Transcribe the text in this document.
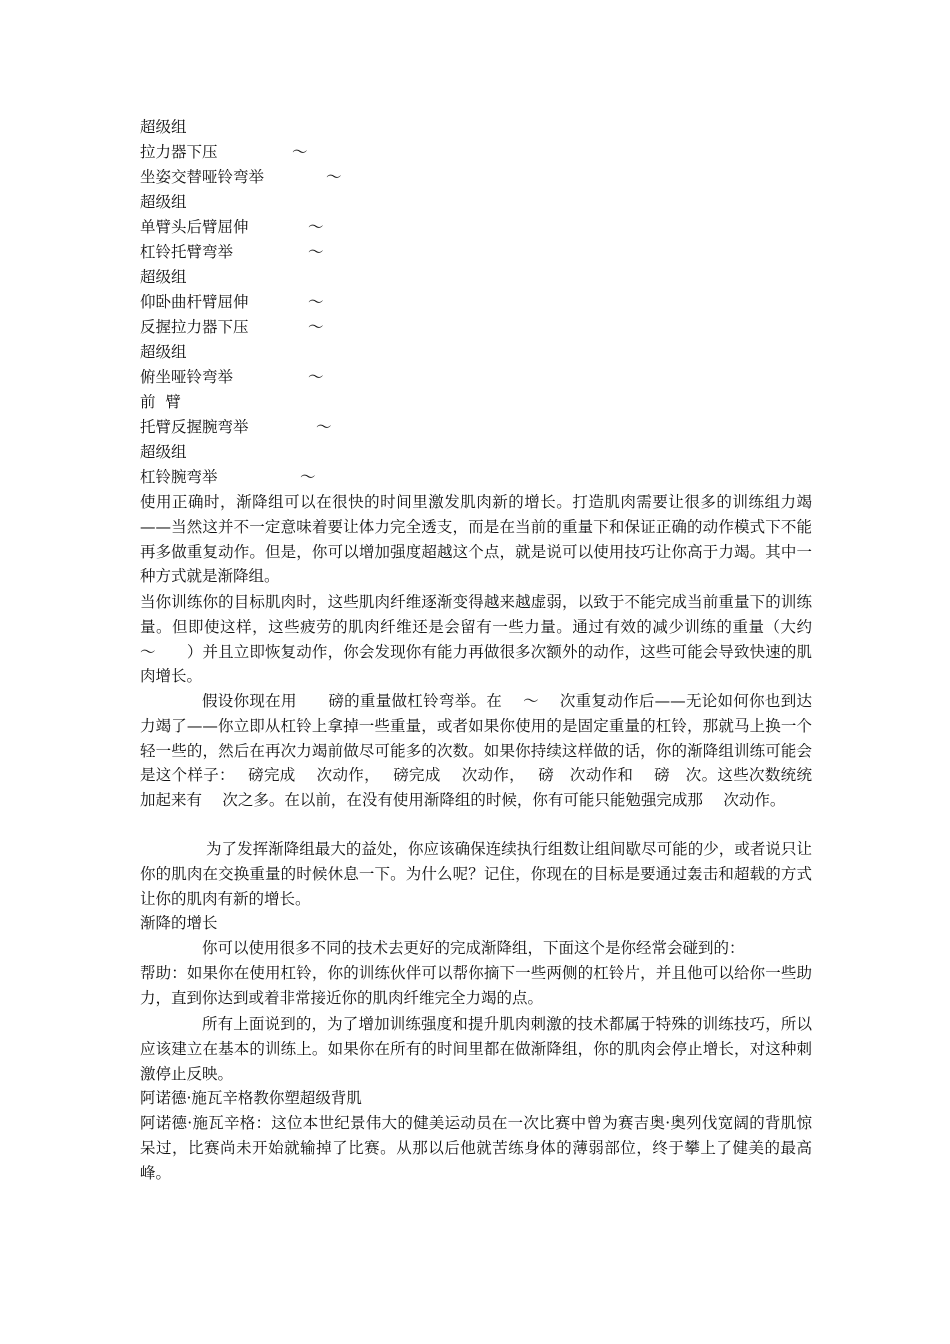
超级组
拉力器下压	～
坐姿交替哑铃弯举	～
超级组
单臂头后臂屈伸	～
杠铃托臂弯举	～
超级组
仰卧曲杆臂屈伸	～
反握拉力器下压	～
超级组
俯坐哑铃弯举	～
前  臂
托臂反握腕弯举	～
超级组
杠铃腕弯举	～

使用正确时，渐降组可以在很快的时间里激发肌肉新的增长。打造肌肉需要让很多的训练组力竭——当然这并不一定意味着要让体力完全透支，而是在当前的重量下和保证正确的动作模式下不能再多做重复动作。但是，你可以增加强度超越这个点，就是说可以使用技巧让你高于力竭。其中一种方式就是渐降组。

当你训练你的目标肌肉时，这些肌肉纤维逐渐变得越来越虚弱，以致于不能完成当前重量下的训练量。但即使这样，这些疲劳的肌肉纤维还是会留有一些力量。通过有效的减少训练的重量（大约　　～　　）并且立即恢复动作，你会发现你有能力再做很多次额外的动作，这些可能会导致快速的肌肉增长。

假设你现在用　　磅的重量做杠铃弯举。在　 ～　 次重复动作后——无论如何你也到达力竭了——你立即从杠铃上拿掉一些重量，或者如果你使用的是固定重量的杠铃，那就马上换一个轻一些的，然后在再次力竭前做尽可能多的次数。如果你持续这样做的话，你的渐降组训练可能会是这个样子：　 磅完成　 次动作，　 磅完成　 次动作，　 磅　次动作和　 磅　次。这些次数统统加起来有　 次之多。在以前，在没有使用渐降组的时候，你有可能只能勉强完成那　 次动作。

为了发挥渐降组最大的益处，你应该确保连续执行组数让组间歇尽可能的少，或者说只让你的肌肉在交换重量的时候休息一下。为什么呢？记住，你现在的目标是要通过轰击和超载的方式让你的肌肉有新的增长。

渐降的增长

你可以使用很多不同的技术去更好的完成渐降组，下面这个是你经常会碰到的：

帮助：如果你在使用杠铃，你的训练伙伴可以帮你摘下一些两侧的杠铃片，并且他可以给你一些助力，直到你达到或着非常接近你的肌肉纤维完全力竭的点。

所有上面说到的，为了增加训练强度和提升肌肉刺激的技术都属于特殊的训练技巧，所以应该建立在基本的训练上。如果你在所有的时间里都在做渐降组，你的肌肉会停止增长，对这种刺激停止反映。

阿诺德·施瓦辛格教你塑超级背肌

阿诺德·施瓦辛格：这位本世纪景伟大的健美运动员在一次比赛中曾为赛吉奥·奥列伐宽阔的背肌惊呆过，比赛尚未开始就输掉了比赛。从那以后他就苦练身体的薄弱部位，终于攀上了健美的最高峰。
